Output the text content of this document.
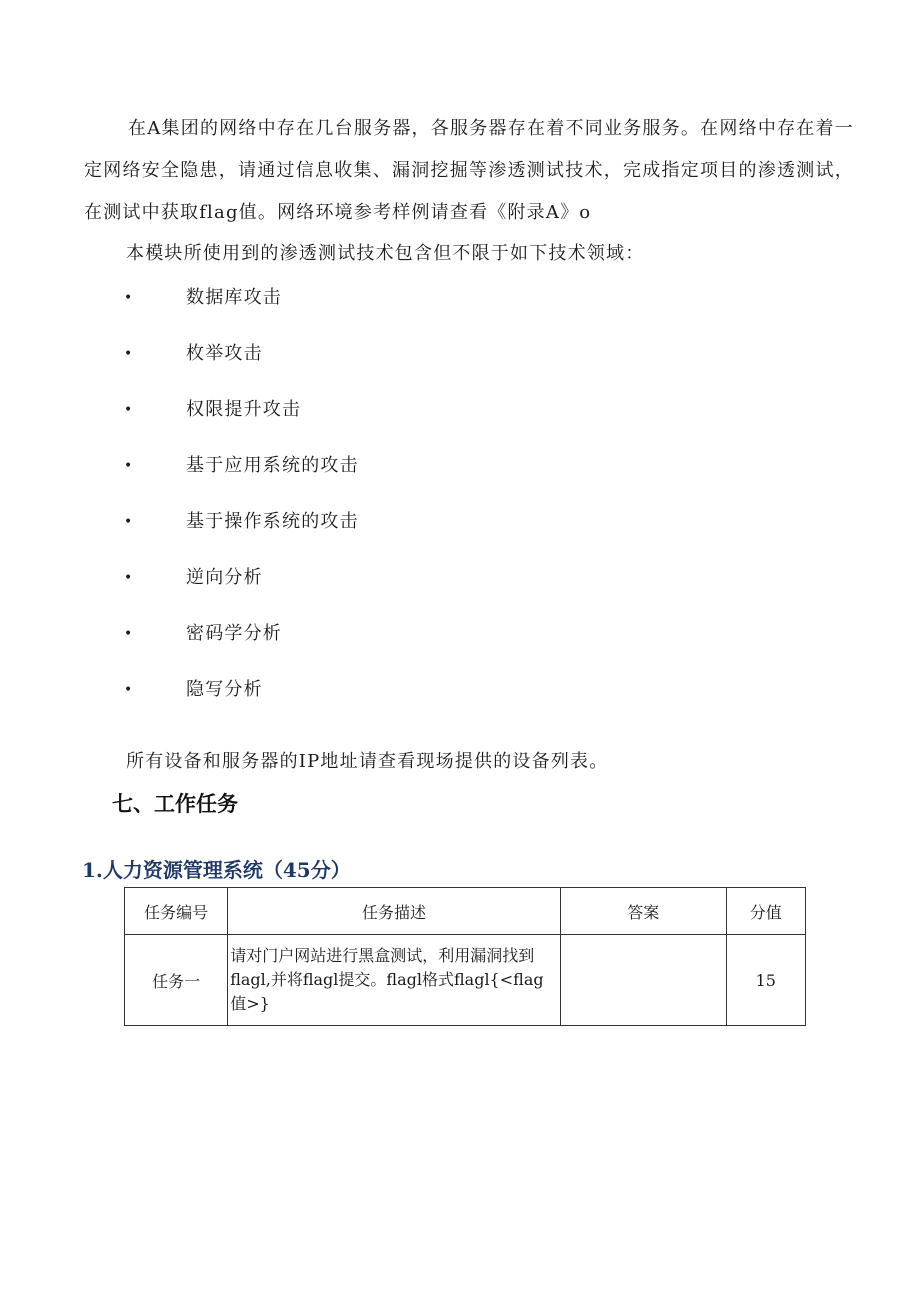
在A集团的网络中存在几台服务器，各服务器存在着不同业务服务。在网络中存在着一定网络安全隐患，请通过信息收集、漏洞挖掘等渗透测试技术，完成指定项目的渗透测试，在测试中获取flag值。网络环境参考样例请查看《附录A》o

本模块所使用到的渗透测试技术包含但不限于如下技术领域：

•	数据库攻击
•	枚举攻击
•	权限提升攻击
•	基于应用系统的攻击
•	基于操作系统的攻击
•	逆向分析
•	密码学分析
•	隐写分析

所有设备和服务器的IP地址请查看现场提供的设备列表。

七、工作任务
1.人力资源管理系统（45分）
任务编号	任务描述	答案	分值
任务一	请对门户网站进行黑盒测试，利用漏洞找到flagl,并将flagl提交。flagl格式flagl{<flag值>}		15
